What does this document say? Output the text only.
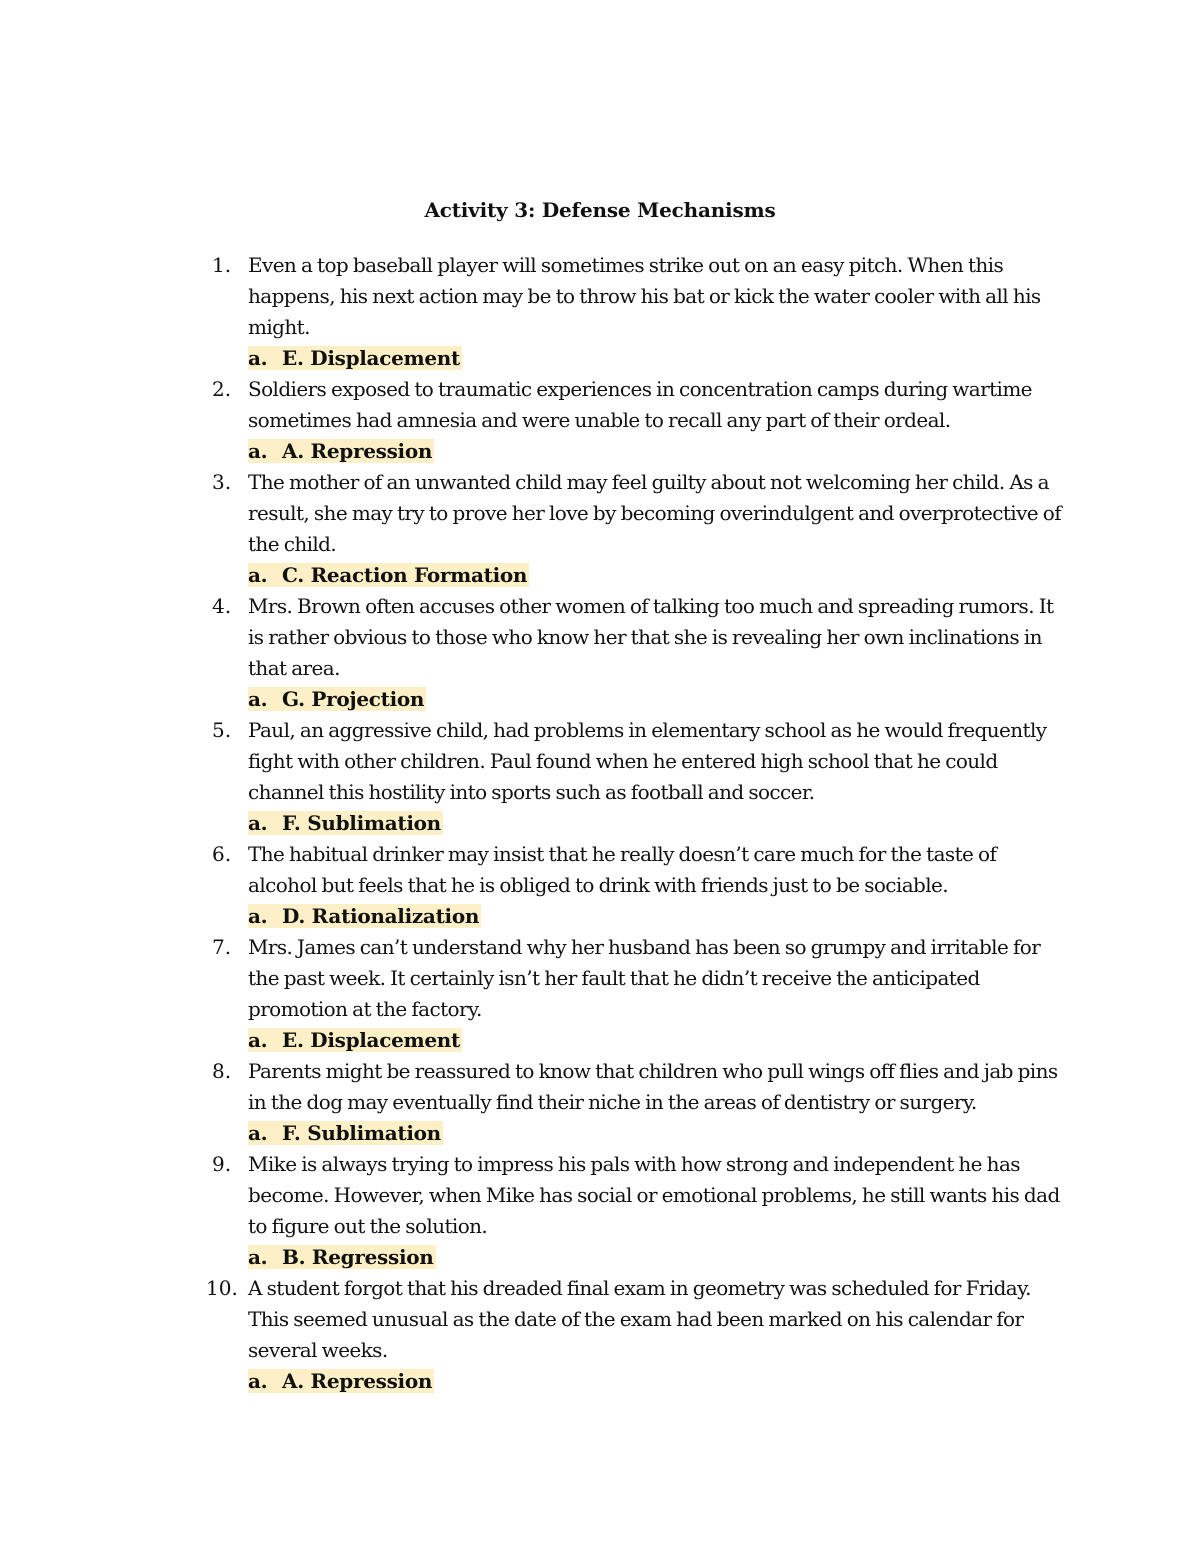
Activity 3: Defense Mechanisms
1. Even a top baseball player will sometimes strike out on an easy pitch. When this happens, his next action may be to throw his bat or kick the water cooler with all his might.

a. E. Displacement

2. Soldiers exposed to traumatic experiences in concentration camps during wartime sometimes had amnesia and were unable to recall any part of their ordeal.

a. A. Repression

3. The mother of an unwanted child may feel guilty about not welcoming her child. As a result, she may try to prove her love by becoming overindulgent and overprotective of the child.

a. C. Reaction Formation

4. Mrs. Brown often accuses other women of talking too much and spreading rumors. It is rather obvious to those who know her that she is revealing her own inclinations in that area.

a. G. Projection

5. Paul, an aggressive child, had problems in elementary school as he would frequently fight with other children. Paul found when he entered high school that he could channel this hostility into sports such as football and soccer.

a. F. Sublimation

6. The habitual drinker may insist that he really doesn’t care much for the taste of alcohol but feels that he is obliged to drink with friends just to be sociable.

a. D. Rationalization

7. Mrs. James can’t understand why her husband has been so grumpy and irritable for the past week. It certainly isn’t her fault that he didn’t receive the anticipated promotion at the factory.

a. E. Displacement

8. Parents might be reassured to know that children who pull wings off flies and jab pins in the dog may eventually find their niche in the areas of dentistry or surgery.

a. F. Sublimation

9. Mike is always trying to impress his pals with how strong and independent he has become. However, when Mike has social or emotional problems, he still wants his dad to figure out the solution.

a. B. Regression

10. A student forgot that his dreaded final exam in geometry was scheduled for Friday. This seemed unusual as the date of the exam had been marked on his calendar for several weeks.

a. A. Repression
